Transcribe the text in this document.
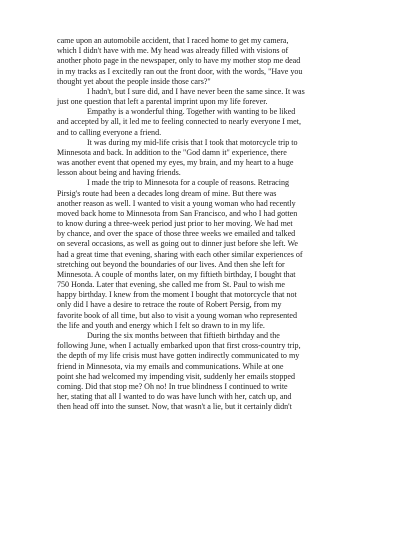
came upon an automobile accident, that I raced home to get my camera,
which I didn't have with me. My head was already filled with visions of
another photo page in the newspaper, only to have my mother stop me dead
in my tracks as I excitedly ran out the front door, with the words, "Have you
thought yet about the people inside those cars?"
I hadn't, but I sure did, and I have never been the same since. It was
just one question that left a parental imprint upon my life forever.
Empathy is a wonderful thing. Together with wanting to be liked
and accepted by all, it led me to feeling connected to nearly everyone I met,
and to calling everyone a friend.
It was during my mid-life crisis that I took that motorcycle trip to
Minnesota and back. In addition to the "God damn it" experience, there
was another event that opened my eyes, my brain, and my heart to a huge
lesson about being and having friends.
I made the trip to Minnesota for a couple of reasons. Retracing
Pirsig's route had been a decades long dream of mine. But there was
another reason as well. I wanted to visit a young woman who had recently
moved back home to Minnesota from San Francisco, and who I had gotten
to know during a three-week period just prior to her moving. We had met
by chance, and over the space of those three weeks we emailed and talked
on several occasions, as well as going out to dinner just before she left. We
had a great time that evening, sharing with each other similar experiences of
stretching out beyond the boundaries of our lives. And then she left for
Minnesota. A couple of months later, on my fiftieth birthday, I bought that
750 Honda. Later that evening, she called me from St. Paul to wish me
happy birthday. I knew from the moment I bought that motorcycle that not
only did I have a desire to retrace the route of Robert Persig, from my
favorite book of all time, but also to visit a young woman who represented
the life and youth and energy which I felt so drawn to in my life.
During the six months between that fiftieth birthday and the
following June, when I actually embarked upon that first cross-country trip,
the depth of my life crisis must have gotten indirectly communicated to my
friend in Minnesota, via my emails and communications. While at one
point she had welcomed my impending visit, suddenly her emails stopped
coming. Did that stop me? Oh no! In true blindness I continued to write
her, stating that all I wanted to do was have lunch with her, catch up, and
then head off into the sunset. Now, that wasn't a lie, but it certainly didn't
